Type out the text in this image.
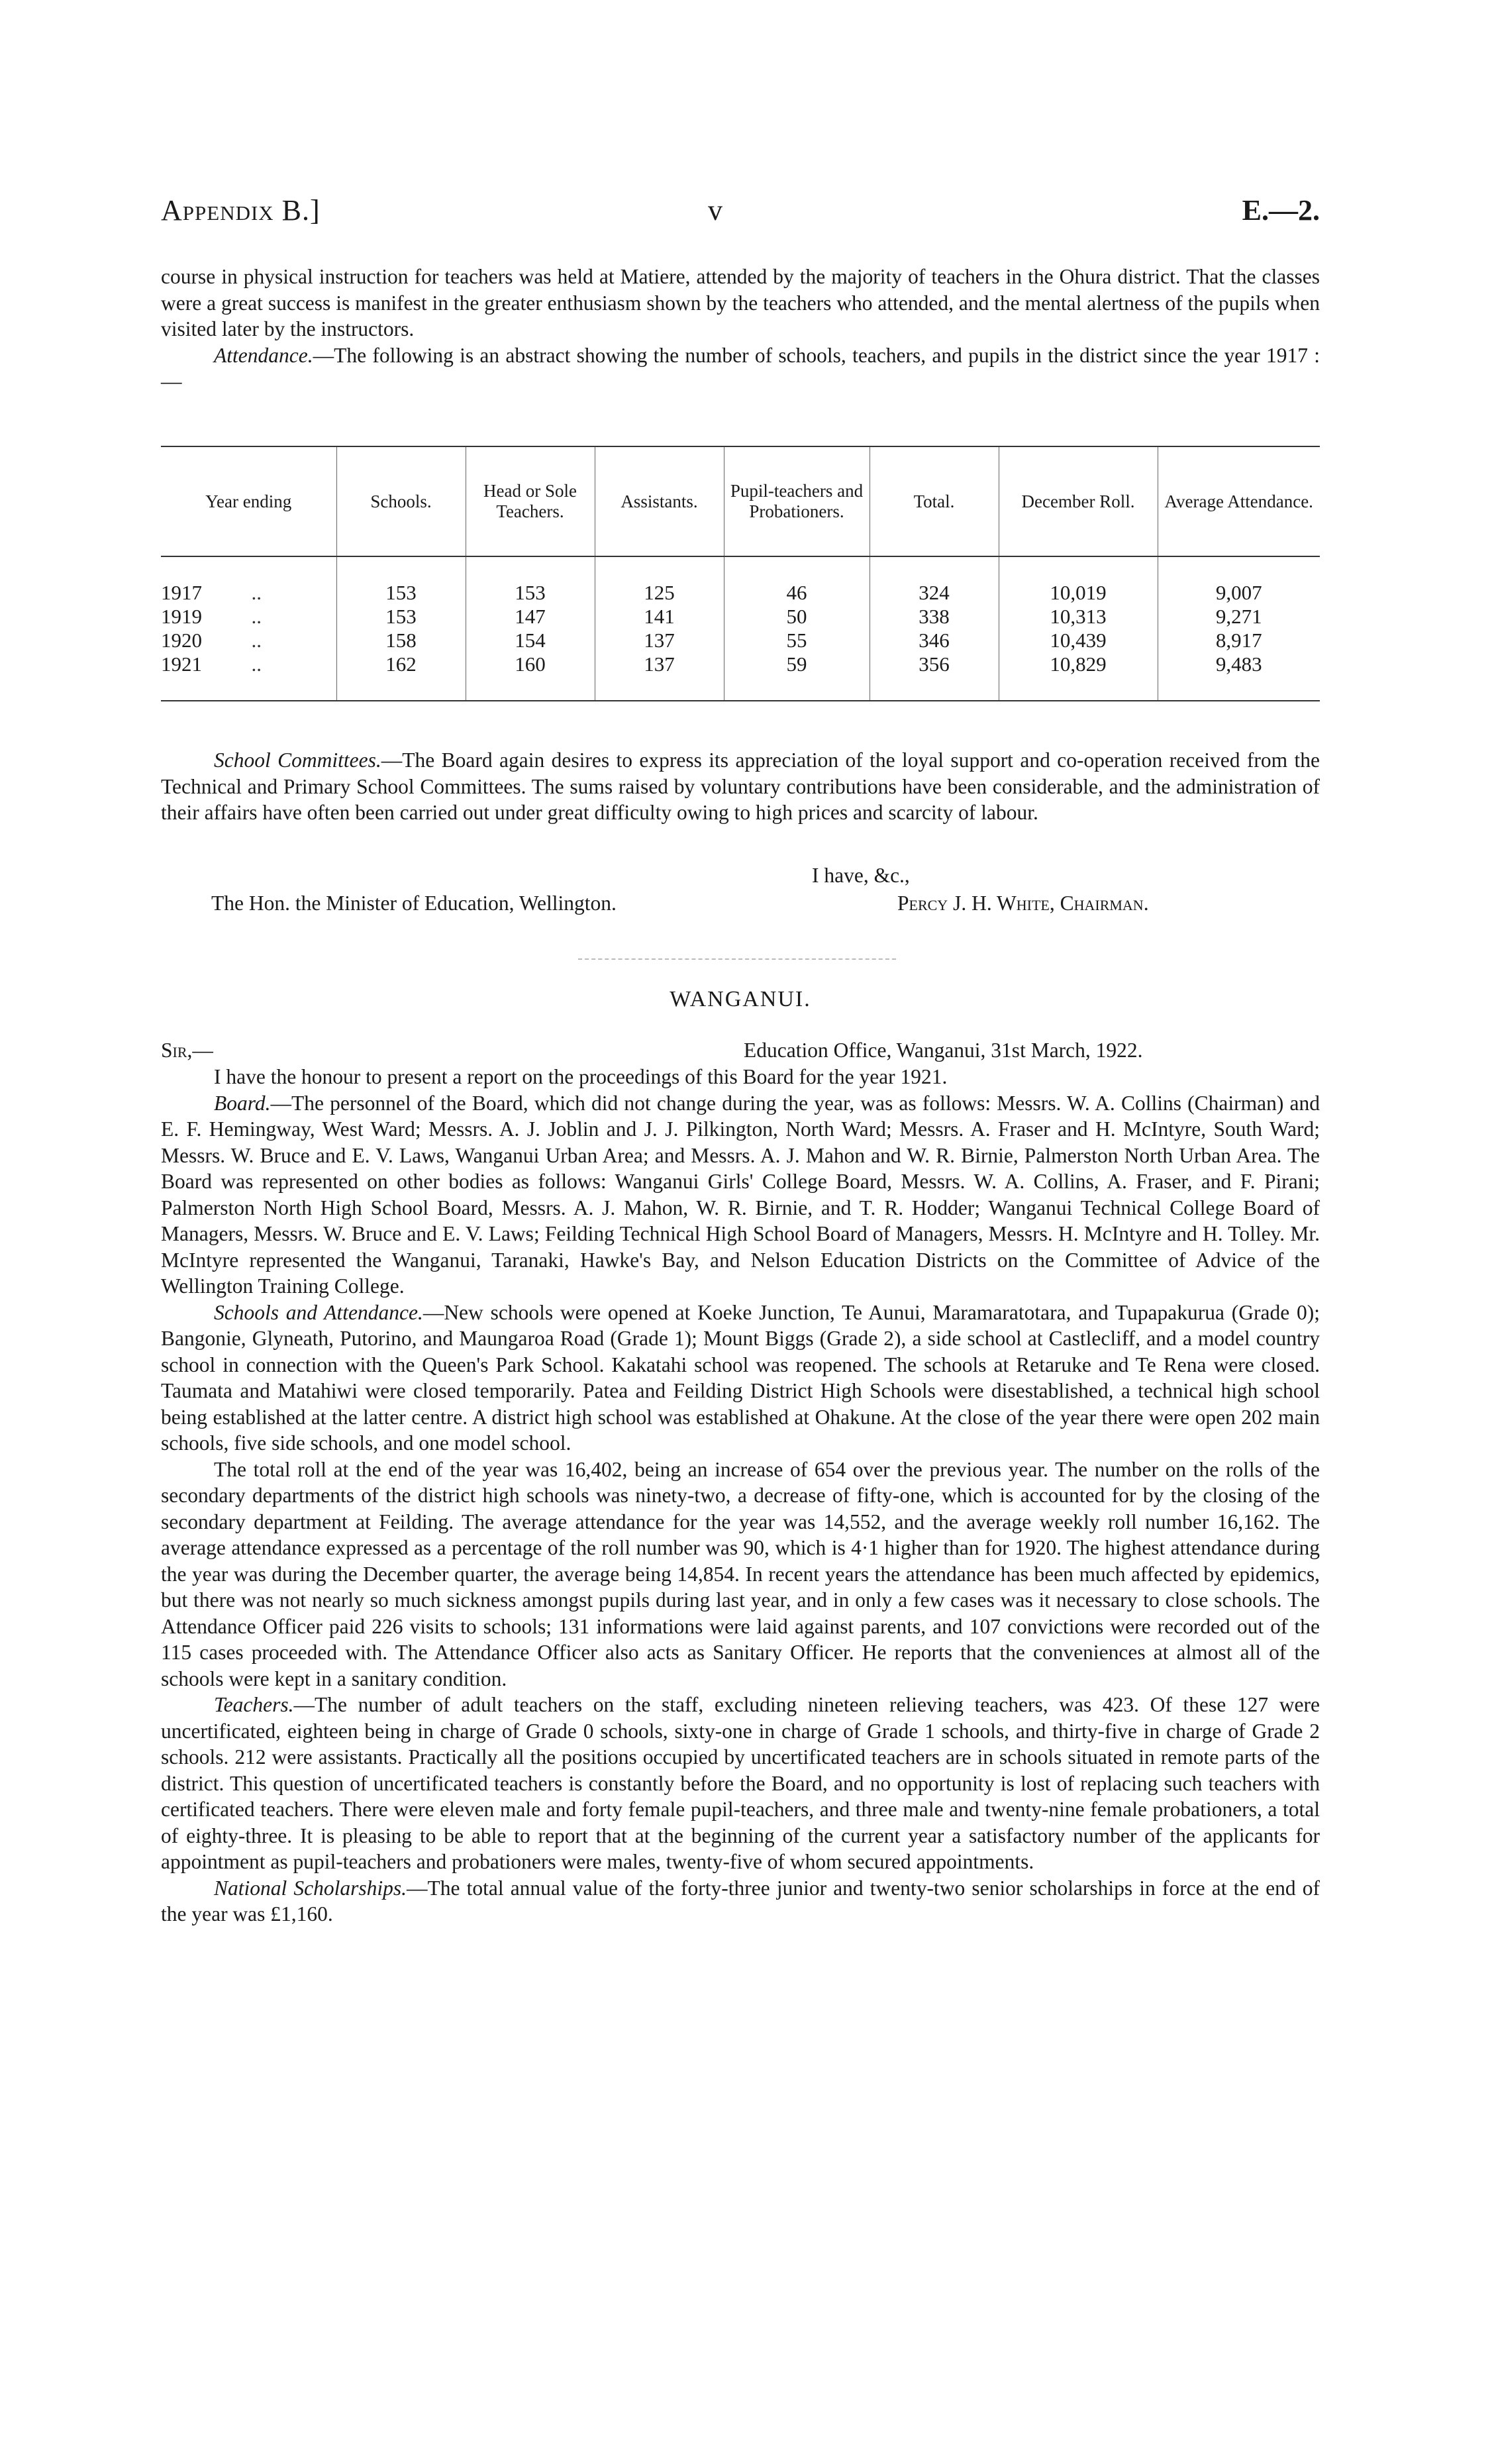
Appendix B.]	v	E.—2.

course in physical instruction for teachers was held at Matiere, attended by the majority of teachers in the Ohura district. That the classes were a great success is manifest in the greater enthusiasm shown by the teachers who attended, and the mental alertness of the pupils when visited later by the instructors.

Attendance.—The following is an abstract showing the number of schools, teachers, and pupils in the district since the year 1917 :—

Year ending	Schools.	Head or Sole Teachers.	Assistants.	Pupil-teachers and Probationers.	Total.	December Roll.	Average Attendance.

1917 ..	153	153	125	46	324	10,019	9,007
1919 ..	153	147	141	50	338	10,313	9,271
1920 ..	158	154	137	55	346	10,439	8,917
1921 ..	162	160	137	59	356	10,829	9,483

School Committees.—The Board again desires to express its appreciation of the loyal support and co-operation received from the Technical and Primary School Committees. The sums raised by voluntary contributions have been considerable, and the administration of their affairs have often been carried out under great difficulty owing to high prices and scarcity of labour.

I have, &c.,
The Hon. the Minister of Education, Wellington.	Percy J. H. White, Chairman.
WANGANUI.
Sir,—	Education Office, Wanganui, 31st March, 1922.

I have the honour to present a report on the proceedings of this Board for the year 1921.

Board.—The personnel of the Board, which did not change during the year, was as follows: Messrs. W. A. Collins (Chairman) and E. F. Hemingway, West Ward; Messrs. A. J. Joblin and J. J. Pilkington, North Ward; Messrs. A. Fraser and H. McIntyre, South Ward; Messrs. W. Bruce and E. V. Laws, Wanganui Urban Area; and Messrs. A. J. Mahon and W. R. Birnie, Palmerston North Urban Area. The Board was represented on other bodies as follows: Wanganui Girls' College Board, Messrs. W. A. Collins, A. Fraser, and F. Pirani; Palmerston North High School Board, Messrs. A. J. Mahon, W. R. Birnie, and T. R. Hodder; Wanganui Technical College Board of Managers, Messrs. W. Bruce and E. V. Laws; Feilding Technical High School Board of Managers, Messrs. H. McIntyre and H. Tolley. Mr. McIntyre represented the Wanganui, Taranaki, Hawke's Bay, and Nelson Education Districts on the Committee of Advice of the Wellington Training College.

Schools and Attendance.—New schools were opened at Koeke Junction, Te Aunui, Maramaratotara, and Tupapakurua (Grade 0); Bangonie, Glyneath, Putorino, and Maungaroa Road (Grade 1); Mount Biggs (Grade 2), a side school at Castlecliff, and a model country school in connection with the Queen's Park School. Kakatahi school was reopened. The schools at Retaruke and Te Rena were closed. Taumata and Matahiwi were closed temporarily. Patea and Feilding District High Schools were disestablished, a technical high school being established at the latter centre. A district high school was established at Ohakune. At the close of the year there were open 202 main schools, five side schools, and one model school.

The total roll at the end of the year was 16,402, being an increase of 654 over the previous year. The number on the rolls of the secondary departments of the district high schools was ninety-two, a decrease of fifty-one, which is accounted for by the closing of the secondary department at Feilding. The average attendance for the year was 14,552, and the average weekly roll number 16,162. The average attendance expressed as a percentage of the roll number was 90, which is 4·1 higher than for 1920. The highest attendance during the year was during the December quarter, the average being 14,854. In recent years the attendance has been much affected by epidemics, but there was not nearly so much sickness amongst pupils during last year, and in only a few cases was it necessary to close schools. The Attendance Officer paid 226 visits to schools; 131 informations were laid against parents, and 107 convictions were recorded out of the 115 cases proceeded with. The Attendance Officer also acts as Sanitary Officer. He reports that the conveniences at almost all of the schools were kept in a sanitary condition.

Teachers.—The number of adult teachers on the staff, excluding nineteen relieving teachers, was 423. Of these 127 were uncertificated, eighteen being in charge of Grade 0 schools, sixty-one in charge of Grade 1 schools, and thirty-five in charge of Grade 2 schools. 212 were assistants. Practically all the positions occupied by uncertificated teachers are in schools situated in remote parts of the district. This question of uncertificated teachers is constantly before the Board, and no opportunity is lost of replacing such teachers with certificated teachers. There were eleven male and forty female pupil-teachers, and three male and twenty-nine female probationers, a total of eighty-three. It is pleasing to be able to report that at the beginning of the current year a satisfactory number of the applicants for appointment as pupil-teachers and probationers were males, twenty-five of whom secured appointments.

National Scholarships.—The total annual value of the forty-three junior and twenty-two senior scholarships in force at the end of the year was £1,160.
